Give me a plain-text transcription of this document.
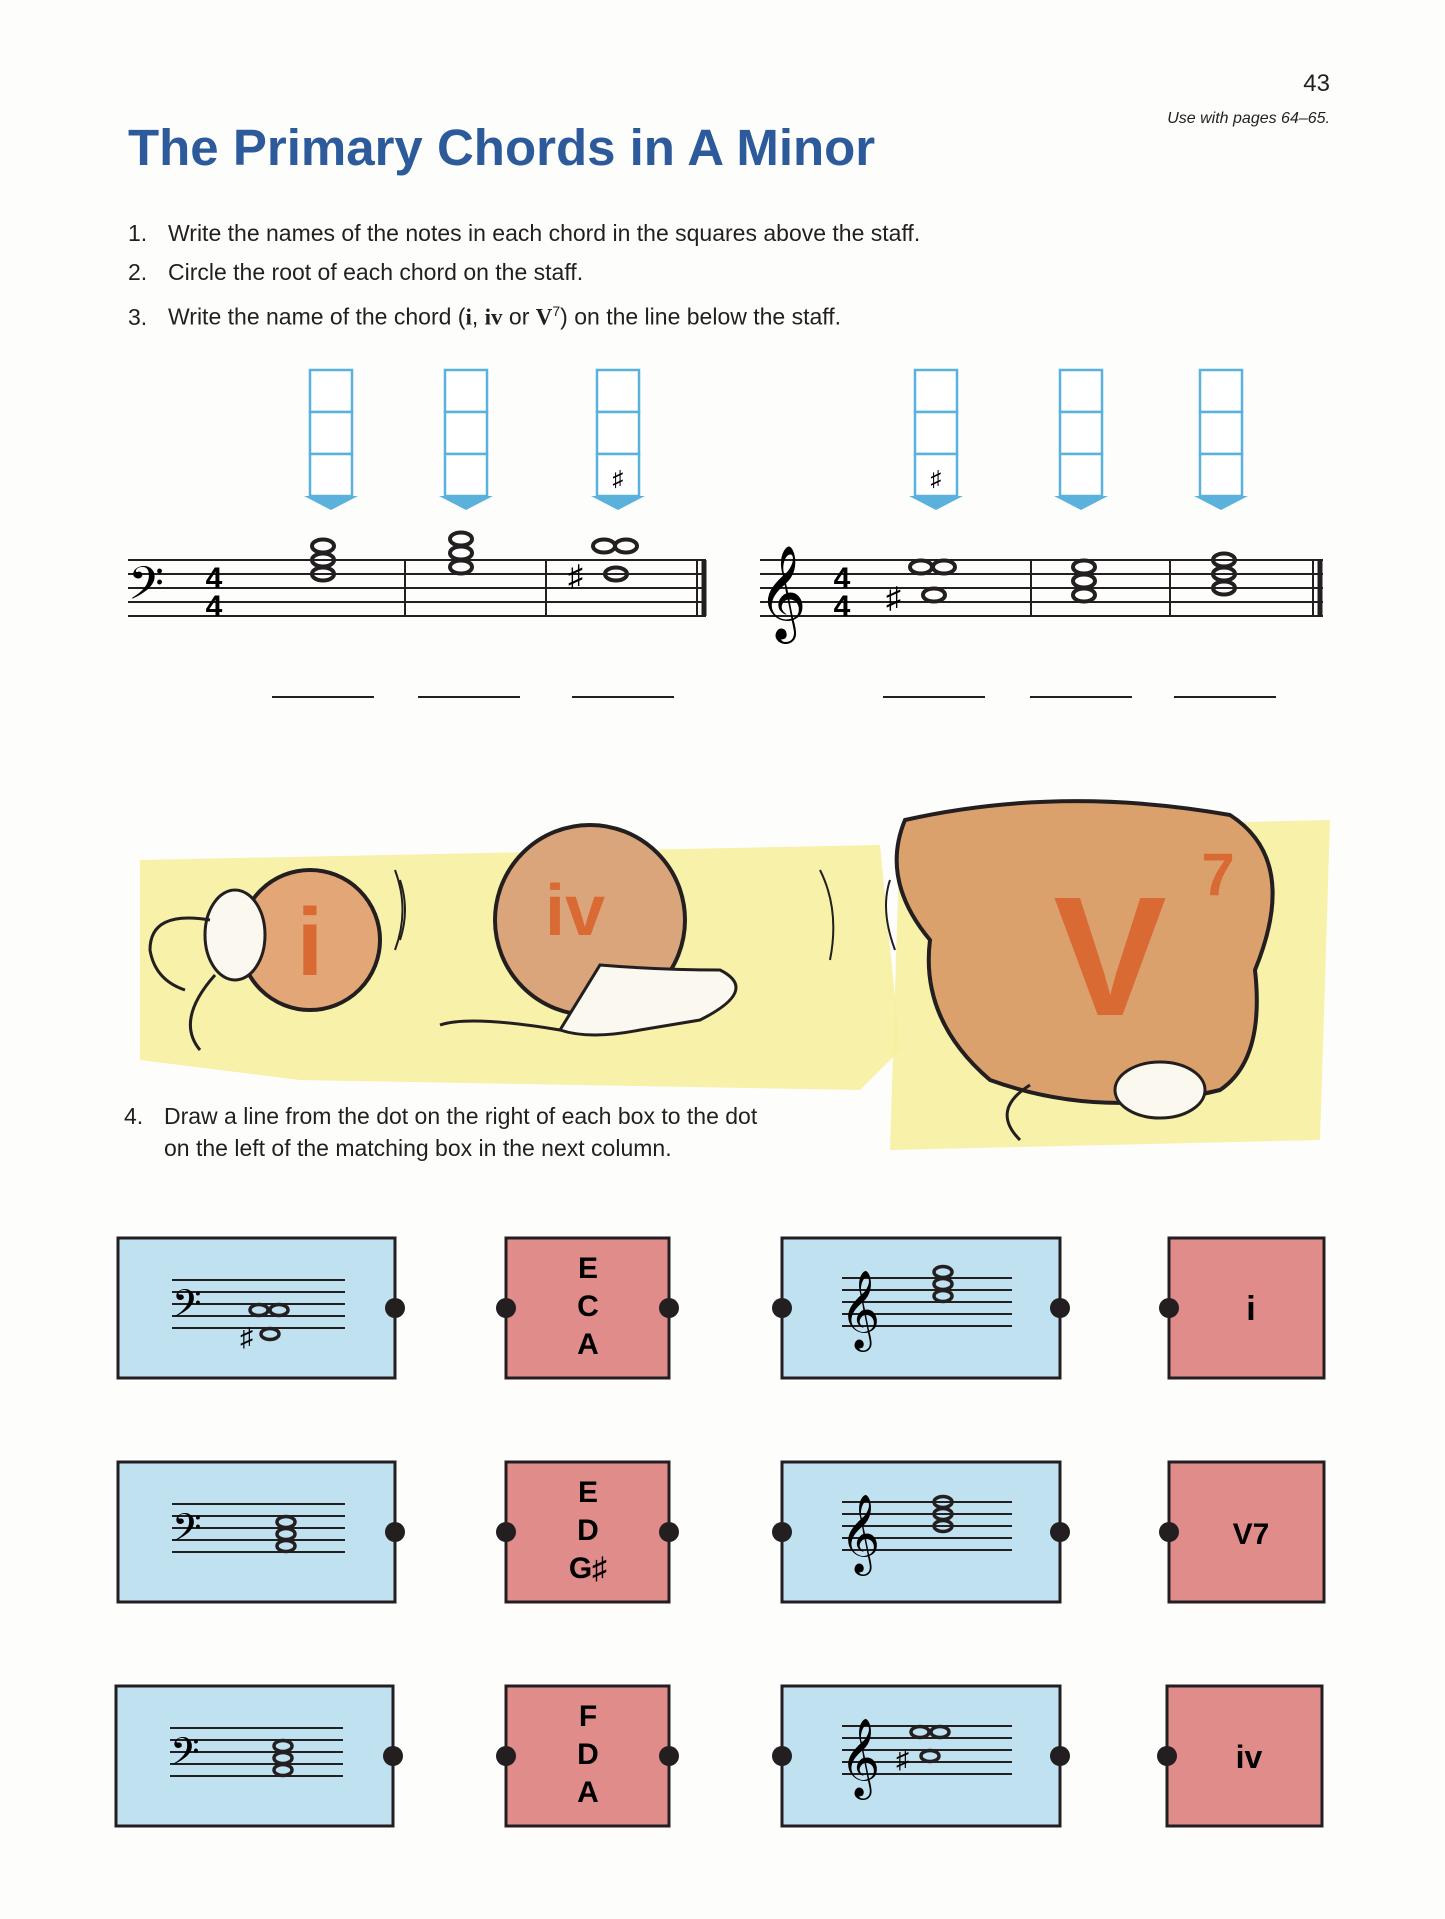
43
Use with pages 64–65.
The Primary Chords in A Minor
1. Write the names of the notes in each chord in the squares above the staff.
2. Circle the root of each chord on the staff.
3. Write the name of the chord (i, iv or $V^7$) on the line below the staff.
♯	♯
𝄢 4
4
♯ 𝄞 4
4 ♯
i	iv	V 7
4. Draw a line from the dot on the right of each box to the dot
on the left of the matching box in the next column.
𝄢
♯
E
C
A	𝄞	i
𝄢
E
D
G♯	𝄞	V7
𝄢
F
D
A	𝄞 ♯	iv
